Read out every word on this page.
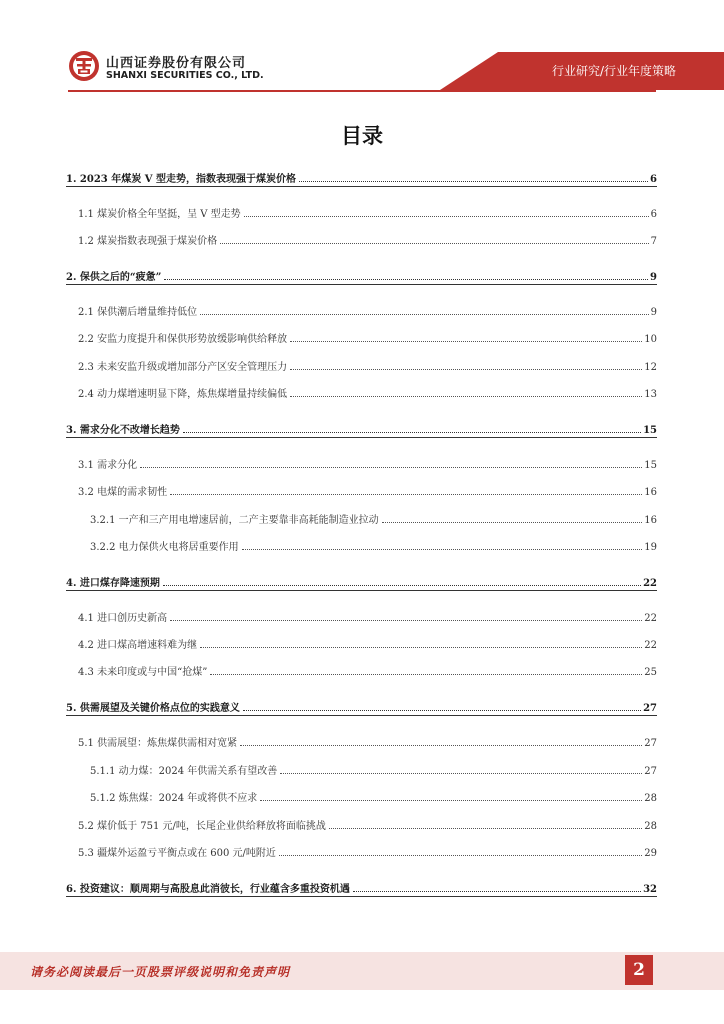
山西证券股份有限公司
SHANXI SECURITIES CO., LTD.	行业研究/行业年度策略
目录
1. 2023 年煤炭 V 型走势，指数表现强于煤炭价格	6
1.1 煤炭价格全年坚挺，呈 V 型走势	6
1.2 煤炭指数表现强于煤炭价格	7
2. 保供之后的“疲惫”	9
2.1 保供潮后增量维持低位	9
2.2 安监力度提升和保供形势放缓影响供给释放	10
2.3 未来安监升级或增加部分产区安全管理压力	12
2.4 动力煤增速明显下降，炼焦煤增量持续偏低	13
3. 需求分化不改增长趋势	15
3.1 需求分化	15
3.2 电煤的需求韧性	16
3.2.1 一产和三产用电增速居前，二产主要靠非高耗能制造业拉动	16
3.2.2 电力保供火电将居重要作用	19
4. 进口煤存降速预期	22
4.1 进口创历史新高	22
4.2 进口煤高增速料难为继	22
4.3 未来印度或与中国“抢煤”	25
5. 供需展望及关键价格点位的实践意义	27
5.1 供需展望：炼焦煤供需相对宽紧	27
5.1.1 动力煤：2024 年供需关系有望改善	27
5.1.2 炼焦煤：2024 年或将供不应求	28
5.2 煤价低于 751 元/吨，长尾企业供给释放将面临挑战	28
5.3 疆煤外运盈亏平衡点或在 600 元/吨附近	29
6. 投资建议：顺周期与高股息此消彼长，行业蕴含多重投资机遇	32
请务必阅读最后一页股票评级说明和免责声明	2
